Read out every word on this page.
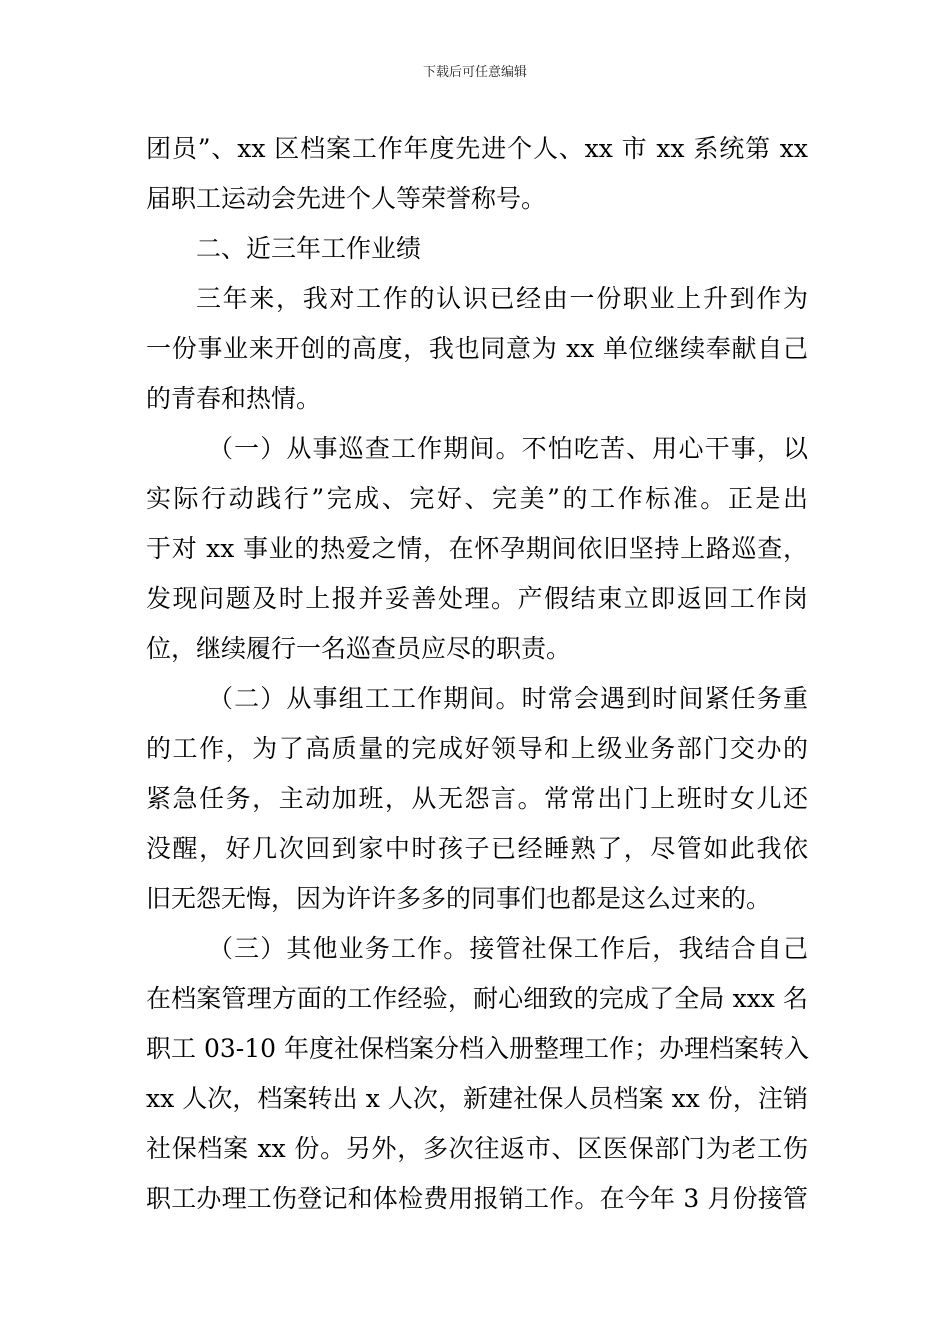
下载后可任意编辑
团员”、xx 区档案工作年度先进个人、xx 市 xx 系统第 xx
届职工运动会先进个人等荣誉称号。
二、近三年工作业绩
三年来，我对工作的认识已经由一份职业上升到作为
一份事业来开创的高度，我也同意为 xx 单位继续奉献自己
的青春和热情。
（一）从事巡查工作期间。不怕吃苦、用心干事，以
实际行动践行”完成、完好、完美”的工作标准。正是出
于对 xx 事业的热爱之情，在怀孕期间依旧坚持上路巡查，
发现问题及时上报并妥善处理。产假结束立即返回工作岗
位，继续履行一名巡查员应尽的职责。
（二）从事组工工作期间。时常会遇到时间紧任务重
的工作，为了高质量的完成好领导和上级业务部门交办的
紧急任务，主动加班，从无怨言。常常出门上班时女儿还
没醒，好几次回到家中时孩子已经睡熟了，尽管如此我依
旧无怨无悔，因为许许多多的同事们也都是这么过来的。
（三）其他业务工作。接管社保工作后，我结合自己
在档案管理方面的工作经验，耐心细致的完成了全局 xxx 名
职工 03-10 年度社保档案分档入册整理工作；办理档案转入
xx 人次，档案转出 x 人次，新建社保人员档案 xx 份，注销
社保档案 xx 份。另外，多次往返市、区医保部门为老工伤
职工办理工伤登记和体检费用报销工作。在今年 3 月份接管
